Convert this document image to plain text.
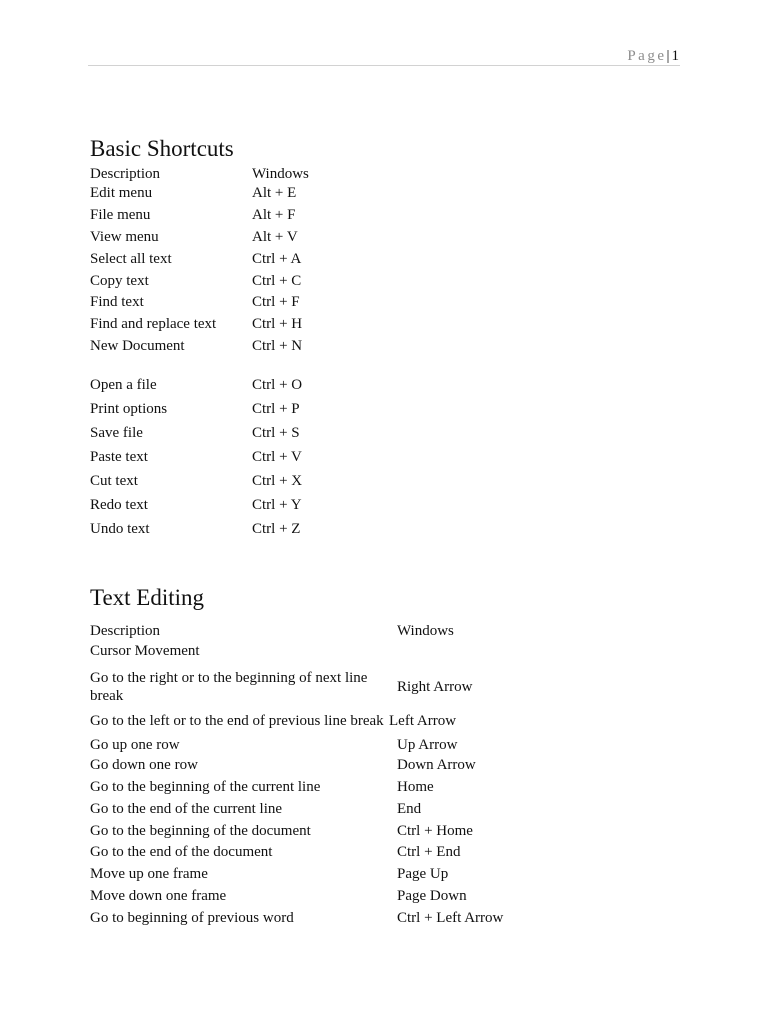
Page| 1
Basic Shortcuts
Description	Windows
Edit menu	Alt + E
File menu	Alt + F
View menu	Alt + V
Select all text	Ctrl + A
Copy text	Ctrl + C
Find text	Ctrl + F
Find and replace text Ctrl + H
New Document	Ctrl + N
Open a file	Ctrl + O
Print options	Ctrl + P
Save file	Ctrl + S
Paste text	Ctrl + V
Cut text	Ctrl + X
Redo text	Ctrl + Y
Undo text	Ctrl + Z
Text Editing
Description	Windows
Cursor Movement
Go to the right or to the beginning of next line break
Right Arrow
Go to the left or to the end of previous line break Left Arrow
Go up one row	Up Arrow
Go down one row	Down Arrow
Go to the beginning of the current line	Home
Go to the end of the current line	End
Go to the beginning of the document	Ctrl + Home
Go to the end of the document	Ctrl + End
Move up one frame	Page Up
Move down one frame	Page Down
Go to beginning of previous word	Ctrl + Left Arrow
